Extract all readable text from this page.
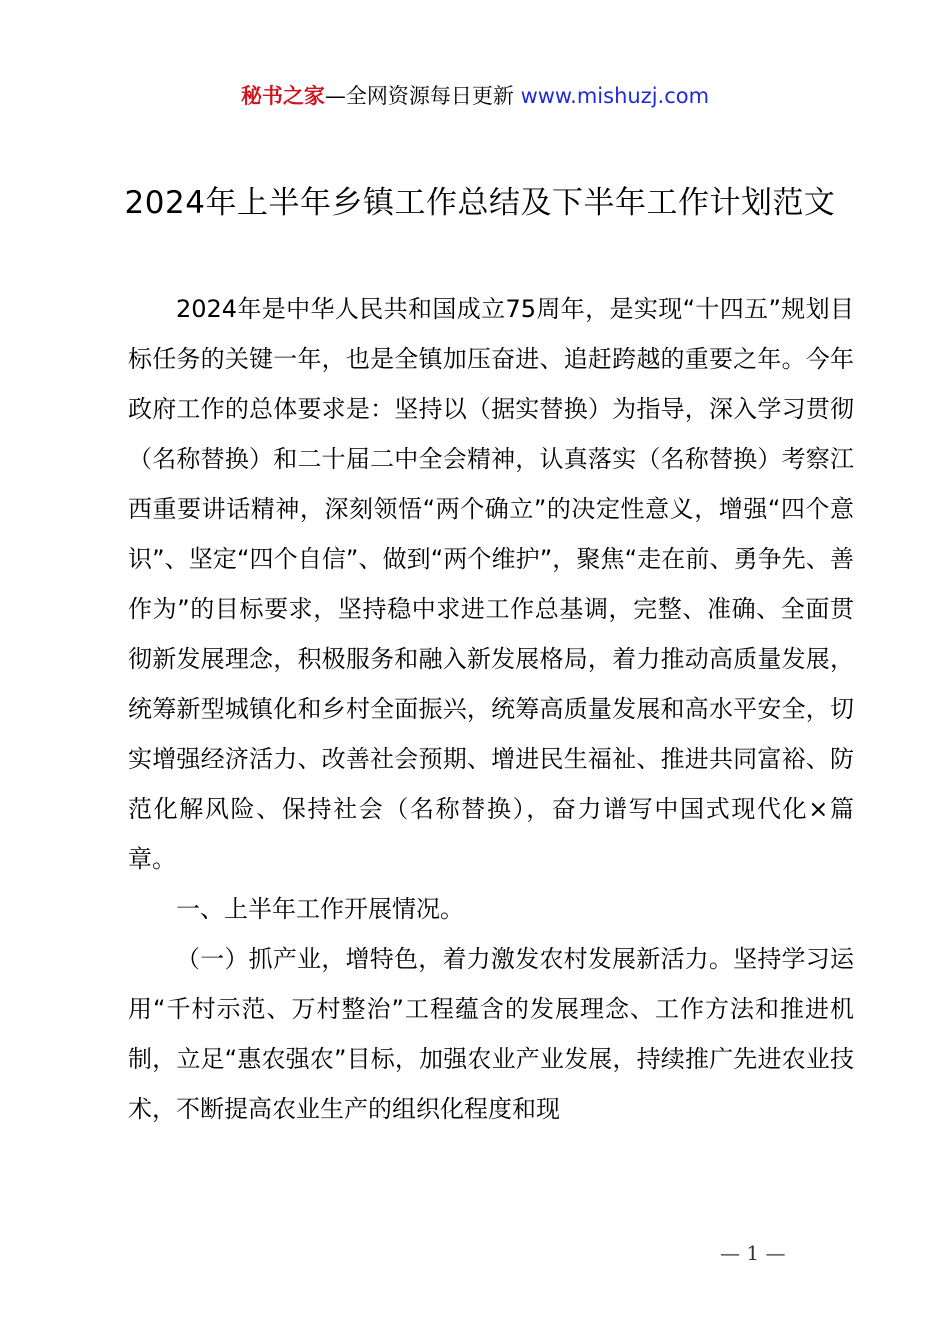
秘书之家—全网资源每日更新 www.mishuzj.com
2024年上半年乡镇工作总结及下半年工作计划范文

2024年是中华人民共和国成立75周年，是实现“十四五”规划目标任务的关键一年，也是全镇加压奋进、追赶跨越的重要之年。今年政府工作的总体要求是：坚持以（据实替换）为指导，深入学习贯彻（名称替换）和二十届二中全会精神，认真落实（名称替换）考察江西重要讲话精神，深刻领悟“两个确立”的决定性意义，增强“四个意识”、坚定“四个自信”、做到“两个维护”，聚焦“走在前、勇争先、善作为”的目标要求，坚持稳中求进工作总基调，完整、准确、全面贯彻新发展理念，积极服务和融入新发展格局，着力推动高质量发展，统筹新型城镇化和乡村全面振兴，统筹高质量发展和高水平安全，切实增强经济活力、改善社会预期、增进民生福祉、推进共同富裕、防范化解风险、保持社会（名称替换），奋力谱写中国式现代化×篇章。

一、上半年工作开展情况。

（一）抓产业，增特色，着力激发农村发展新活力。坚持学习运用“千村示范、万村整治”工程蕴含的发展理念、工作方法和推进机制，立足“惠农强农”目标，加强农业产业发展，持续推广先进农业技术，不断提高农业生产的组织化程度和现

— 1 —
